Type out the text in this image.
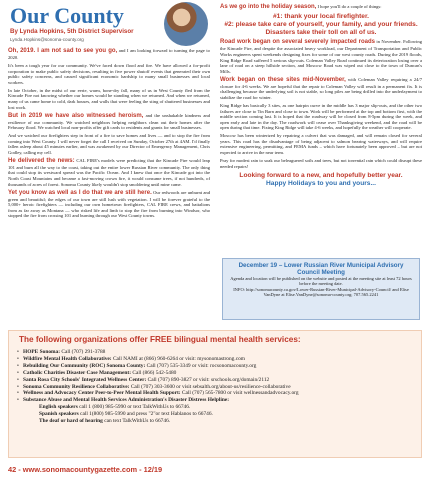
Our County
By Lynda Hopkins, 5th District Supervisor
Lynda.Hopkins@sonoma-county.org

Oh, 2019. I am not sad to see you go, and I am looking forward to turning the page to 2020.

It's been a tough year for our community. We've faced down flood and fire. We have allowed a for-profit corporation to make public safety decisions, resulting in five power shutoff events that generated their own public safety concerns, and caused significant economic hardship to many small businesses and local workers.

In late October, in the midst of our eerie, warm, bone-dry fall, many of us in West County fled from the Kincade Fire not knowing whether our homes would be standing when we returned. And when we returned, many of us came home to cold, dark houses, and walls that were feeling the sting of shuttered businesses and lost work.

But in 2019 we have also witnessed heroism, and the unshakable kindness and resilience of our community. We watched neighbors helping neighbors clean out their homes after the February flood. We watched local non-profits offer gift cards to residents and grants for small businesses.

And we watched our firefighters step in front of a fire to save homes and lives — and to stop the fire from coming into West County. I will never forget the call I received on Sunday, October 27th at 4AM. I'd finally fallen asleep about 45 minutes earlier, and was awakened by our Director of Emergency Management, Chris Godley, calling my cell.

He delivered the news: CAL FIRE's models were predicting that the Kincade Fire would leap 101 and burn all the way to the coast, taking out the entire lower Russian River community. The only thing that could stop its westward spread was the Pacific Ocean. And I knew that once the Kincade got into the North Coast Mountains and became a fast-moving crown fire, it would consume trees, if not hundreds, of thousands of acres of forest. Sonoma County likely wouldn't stop smoldering until mine came.

Yet you know as well as I do that we are still here. Our redwoods are unburnt and green and beautiful; the edges of our town are still lush with vegetation. I will be forever grateful to the 5,000+ heroic firefighters — including our own hometown firefighters, CAL FIRE crews, and battalions from as far away as Montana — who risked life and limb to stop the fire from burning into Windsor, who stopped the fire from crossing 101 and burning through our West County towns.

As we go into the holiday season, I hope you'll do a couple of things:

#1: thank your local firefighter.
#2: please take care of yourself, your family, and your friends.
Disasters take their toll on all of us.

Road work began on several severely impacted roads in November. Following the Kincade Fire, and despite the associated heavy workload, our Department of Transportation and Public Works engineers spent weekends designing fixes for some of our west county roads. During the 2019 floods, King Ridge Road suffered 5 serious slip-outs. Coleman Valley Road continued its deterioration losing over a lane of road on a steep hillside section, and Moscow Road was wiped out close to the town of Duncan's Mills.

Work began on these sites mid-November, with Coleman Valley requiring a 24/7 closure for 4-6 weeks. We are hopeful that the repair to Coleman Valley will result in a permanent fix. It is challenging because the underlying soil is not stable, so long piles are being drilled into the underlayment to stabilize the road for winter.

King Ridge has basically 3 sites, as one hairpin curve in the middle has 3 major slip-outs, and the other two failures are close to Tin Barn and close to town. Work will be performed at the top and bottom first, with the middle section coming last. It is hoped that the roadway will be closed from 8-5pm during the week, and open early and late in the day. The roadwork will cease over Thanksgiving weekend, and the road will be open during that time. Fixing King Ridge will take 4-6 weeks, and hopefully the weather will cooperate.

Moscow has been winterized by repairing a culvert that was damaged, and will remain closed for several years. This road has the disadvantage of being adjacent to salmon bearing waterways, and will require extensive engineering, permitting, and FEMA funds – which have fortunately been approved – but are not expected to arrive in the near term.

Pray for modest rain to soak our beleaguered soils and trees, but not torrential rain which could disrupt these needed repairs!

Looking forward to a new, and hopefully better year.
Happy Holidays to you and yours...
December 19 – Lower Russian River Municipal Advisory Council Meeting
Agenda and location will be published on the website and posted at the meeting site at least 72 hours before the meeting date.
INFO: http://sonomacounty.ca.gov/Lower-Russian-River-Municipal-Advisory-Council/ and Elise VanDyne at Elise.VanDyne@sonoma-county.org; 707.565.2241
The following organizations offer FREE bilingual mental health services:
• HOPE Sonoma: Call (707) 291-3788
• Wildfire Mental Health Collaborative: Call NAMI at (866) 960-6264 or visit: mysonomastrong.com
• Rebuilding Our Community (ROC) Sonoma County: Call (707) 535-3349 or visit: rocsonomacounty.org
• Catholic Charities Disaster Case Management: Call (866) 542-5480
• Santa Rosa City Schools' Integrated Wellness Center: Call (707) 890-3827 or visit: srschools.org/domain/2112
• Sonoma Community Resilience Collaborative: Call (707) 303-3600 or visit sebsalth.org/about-us/resilience-collaborative
• Wellness and Advocacy Center Peer-to-Peer Mental Health Support: Call (707) 565-7800 or visit wellnessandadvocacy.org
• Substance Abuse and Mental Health Services Administration's Disaster Distress Helpline:
English speakers call 1 (800) 985-5990 or text TalkWithUs to 66746.
Spanish speakers call 1(800) 985-5990 and press "2"or text Hablanos to 66746.
The deaf or hard of hearing can text TalkWithUs to 66746.
42 - www.sonomacountygazette.com - 12/19
